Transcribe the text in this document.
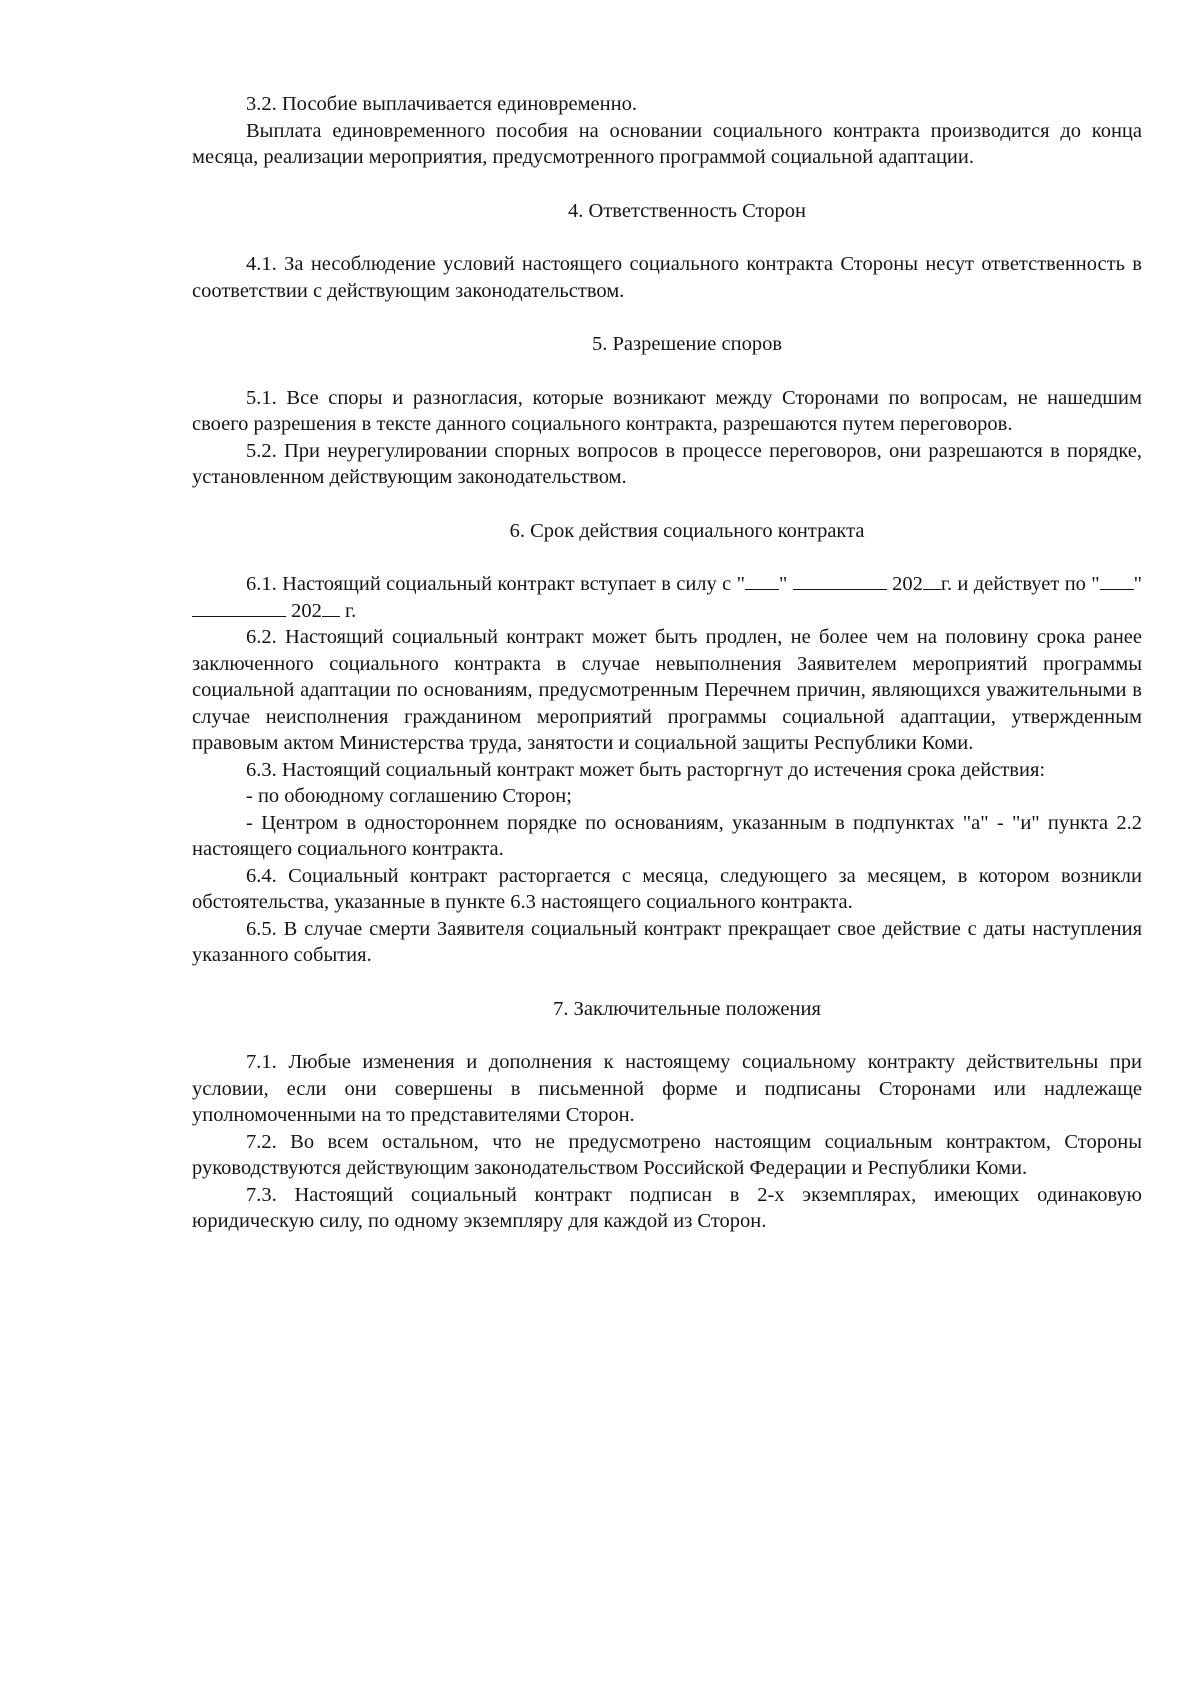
3.2. Пособие выплачивается единовременно.

Выплата единовременного пособия на основании социального контракта производится до конца месяца, реализации мероприятия, предусмотренного программой социальной адаптации.

4. Ответственность Сторон

4.1. За несоблюдение условий настоящего социального контракта Стороны несут ответственность в соответствии с действующим законодательством.

5. Разрешение споров

5.1. Все споры и разногласия, которые возникают между Сторонами по вопросам, не нашедшим своего разрешения в тексте данного социального контракта, разрешаются путем переговоров.

5.2. При неурегулировании спорных вопросов в процессе переговоров, они разрешаются в порядке, установленном действующим законодательством.

6. Срок действия социального контракта

6.1. Настоящий социальный контракт вступает в силу с " "	202 г. и действует по " "  202 г.

6.2. Настоящий социальный контракт может быть продлен, не более чем на половину срока ранее заключенного социального контракта в случае невыполнения Заявителем мероприятий программы социальной адаптации по основаниям, предусмотренным Перечнем причин, являющихся уважительными в случае неисполнения гражданином мероприятий программы социальной адаптации, утвержденным правовым актом Министерства труда, занятости и социальной защиты Республики Коми.

6.3. Настоящий социальный контракт может быть расторгнут до истечения срока действия:

- по обоюдному соглашению Сторон;

- Центром в одностороннем порядке по основаниям, указанным в подпунктах "а" - "и" пункта 2.2 настоящего социального контракта.

6.4. Социальный контракт расторгается с месяца, следующего за месяцем, в котором возникли обстоятельства, указанные в пункте 6.3 настоящего социального контракта.

6.5. В случае смерти Заявителя социальный контракт прекращает свое действие с даты наступления указанного события.

7. Заключительные положения

7.1. Любые изменения и дополнения к настоящему социальному контракту действительны при условии, если они совершены в письменной форме и подписаны Сторонами или надлежаще уполномоченными на то представителями Сторон.

7.2. Во всем остальном, что не предусмотрено настоящим социальным контрактом, Стороны руководствуются действующим законодательством Российской Федерации и Республики Коми.

7.3. Настоящий социальный контракт подписан в 2-х экземплярах, имеющих одинаковую юридическую силу, по одному экземпляру для каждой из Сторон.
